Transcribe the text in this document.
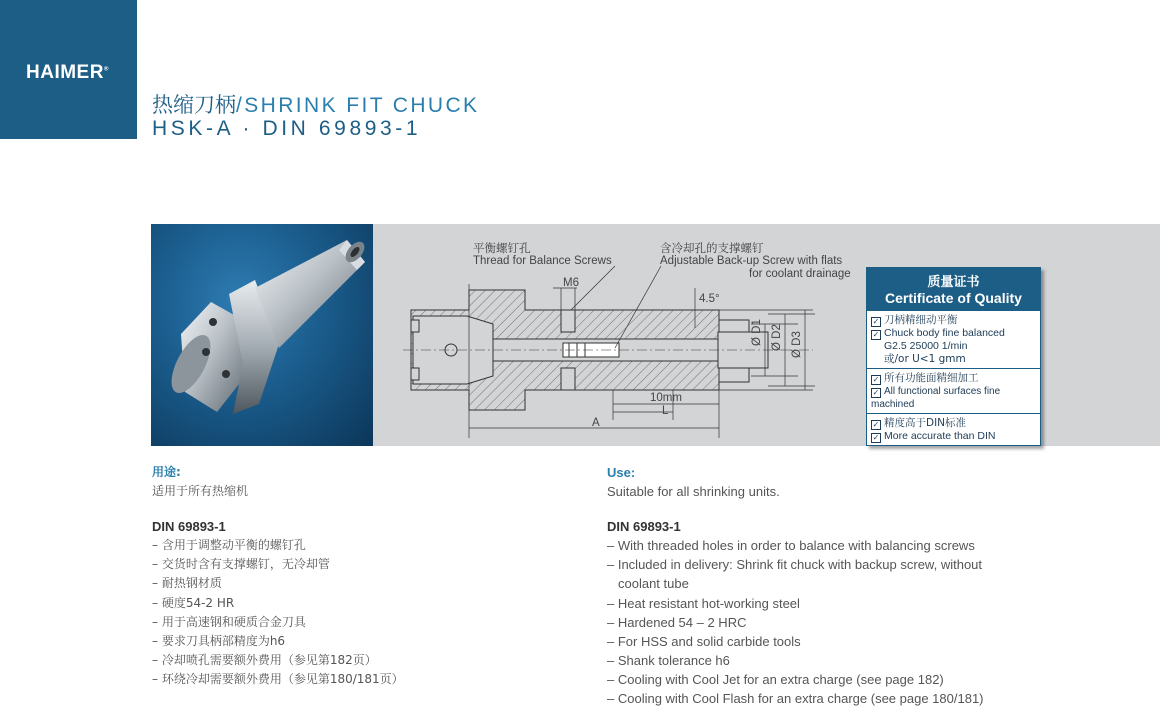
HAIMER®
热缩刀柄/SHRINK FIT CHUCK
HSK-A · DIN 69893-1
平衡螺钉孔
Thread for Balance Screws
含冷却孔的支撑螺钉
Adjustable Back-up Screw with flats
for coolant drainage
M6
4.5°
Ø D1 Ø D2 Ø D3
10mm
L
A
质量证书
Certificate of Quality
✓ 刀柄精细动平衡
✓ Chuck body fine balanced
G2.5 25000 1/min
或/or U<1 gmm
✓ 所有功能面精细加工
✓ All functional surfaces fine machined
✓ 精度高于DIN标准
✓ More accurate than DIN
用途:

适用于所有热缩机

DIN 69893-1

– 含用于调整动平衡的螺钉孔
– 交货时含有支撑螺钉，无冷却管
– 耐热钢材质
– 硬度54-2 HR
– 用于高速钢和硬质合金刀具
– 要求刀具柄部精度为h6
– 冷却喷孔需要额外费用（参见第182页）
– 环绕冷却需要额外费用（参见第180/181页）
Use:

Suitable for all shrinking units.

DIN 69893-1

– With threaded holes in order to balance with balancing screws
– Included in delivery: Shrink fit chuck with backup screw, without coolant tube
– Heat resistant hot-working steel
– Hardened 54 – 2 HRC
– For HSS and solid carbide tools
– Shank tolerance h6
– Cooling with Cool Jet for an extra charge (see page 182)
– Cooling with Cool Flash for an extra charge (see page 180/181)
